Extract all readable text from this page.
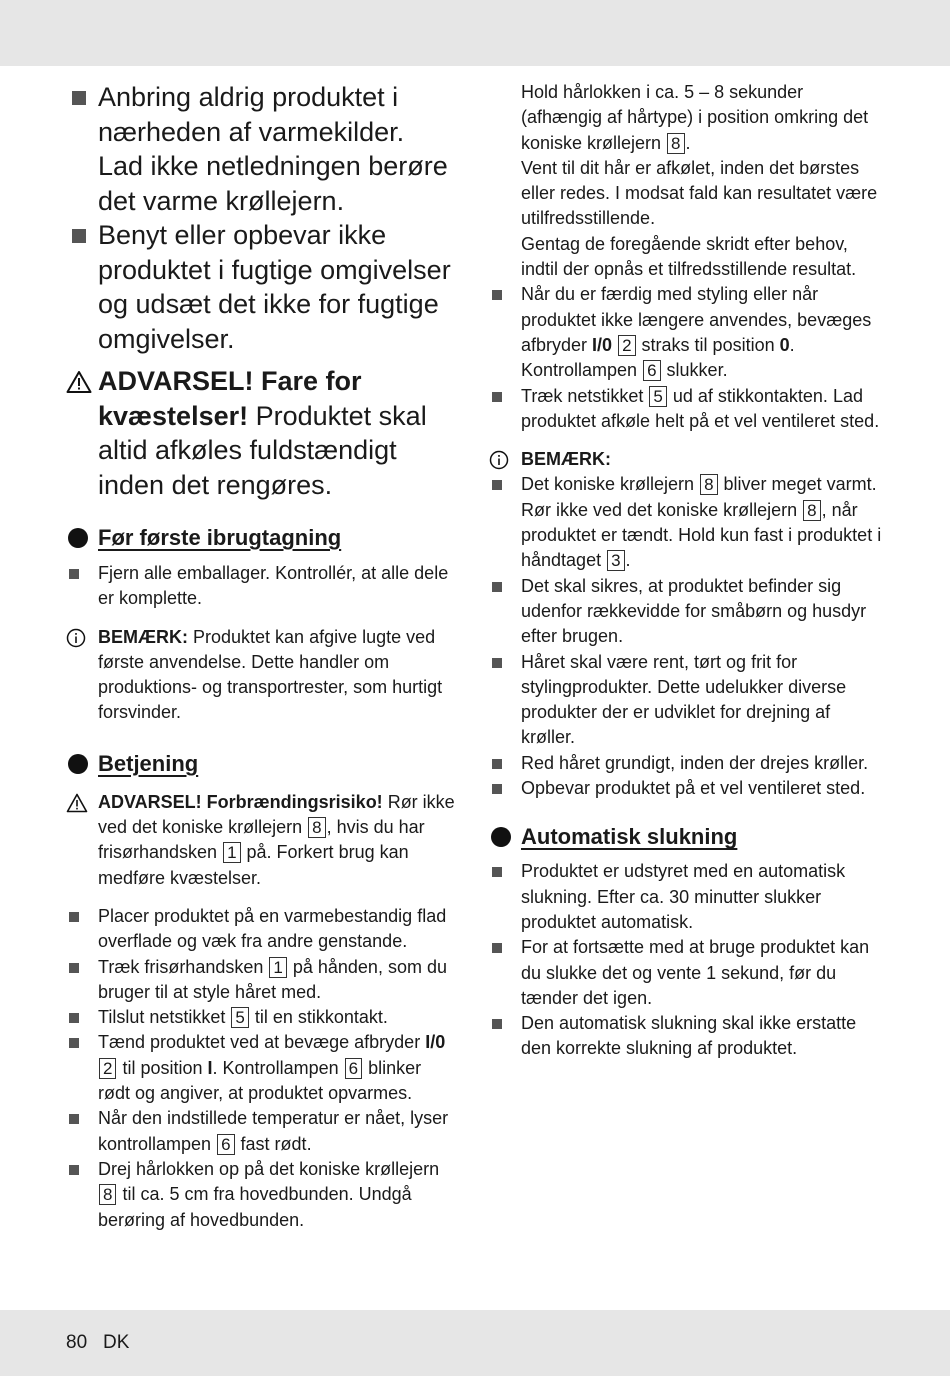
Anbring aldrig produktet i nærheden af varmekilder. Lad ikke netledningen berøre det varme krøllejern.

Benyt eller opbevar ikke produktet i fugtige omgivelser og udsæt det ikke for fugtige omgivelser.

ADVARSEL! Fare for kvæstelser! Produktet skal altid afkøles fuldstændigt inden det rengøres.

Før første ibrugtagning

Fjern alle emballager. Kontrollér, at alle dele er komplette.

BEMÆRK: Produktet kan afgive lugte ved første anvendelse. Dette handler om produktions- og transportrester, som hurtigt forsvinder.

Betjening

ADVARSEL! Forbrændingsrisiko! Rør ikke ved det koniske krøllejern 8 , hvis du har frisørhandsken 1 på. Forkert brug kan medføre kvæstelser.

Placer produktet på en varmebestandig flad overflade og væk fra andre genstande.

Træk frisørhandsken 1 på hånden, som du bruger til at style håret med.

Tilslut netstikket 5 til en stikkontakt.

Tænd produktet ved at bevæge afbryder I/0 2 til position I. Kontrollampen 6 blinker rødt og angiver, at produktet opvarmes.

Når den indstillede temperatur er nået, lyser kontrollampen 6 fast rødt.

Drej hårlokken op på det koniske krøllejern 8 til ca. 5 cm fra hovedbunden. Undgå berøring af hovedbunden.

Hold hårlokken i ca. 5 – 8 sekunder (afhængig af hårtype) i position omkring det koniske krøllejern 8 .

Vent til dit hår er afkølet, inden det børstes eller redes. I modsat fald kan resultatet være utilfredsstillende.

Gentag de foregående skridt efter behov, indtil der opnås et tilfredsstillende resultat.

Når du er færdig med styling eller når produktet ikke længere anvendes, bevæges afbryder I/0 2 straks til position 0. Kontrollampen 6 slukker.

Træk netstikket 5 ud af stikkontakten. Lad produktet afkøle helt på et vel ventileret sted.

BEMÆRK:

Det koniske krøllejern 8 bliver meget varmt. Rør ikke ved det koniske krøllejern 8 , når produktet er tændt. Hold kun fast i produktet i håndtaget 3 .

Det skal sikres, at produktet befinder sig udenfor rækkevidde for småbørn og husdyr efter brugen.

Håret skal være rent, tørt og frit for stylingprodukter. Dette udelukker diverse produkter der er udviklet for drejning af krøller.

Red håret grundigt, inden der drejes krøller.

Opbevar produktet på et vel ventileret sted.

Automatisk slukning

Produktet er udstyret med en automatisk slukning. Efter ca. 30 minutter slukker produktet automatisk.

For at fortsætte med at bruge produktet kan du slukke det og vente 1 sekund, før du tænder det igen.

Den automatisk slukning skal ikke erstatte den korrekte slukning af produktet.

80 DK
